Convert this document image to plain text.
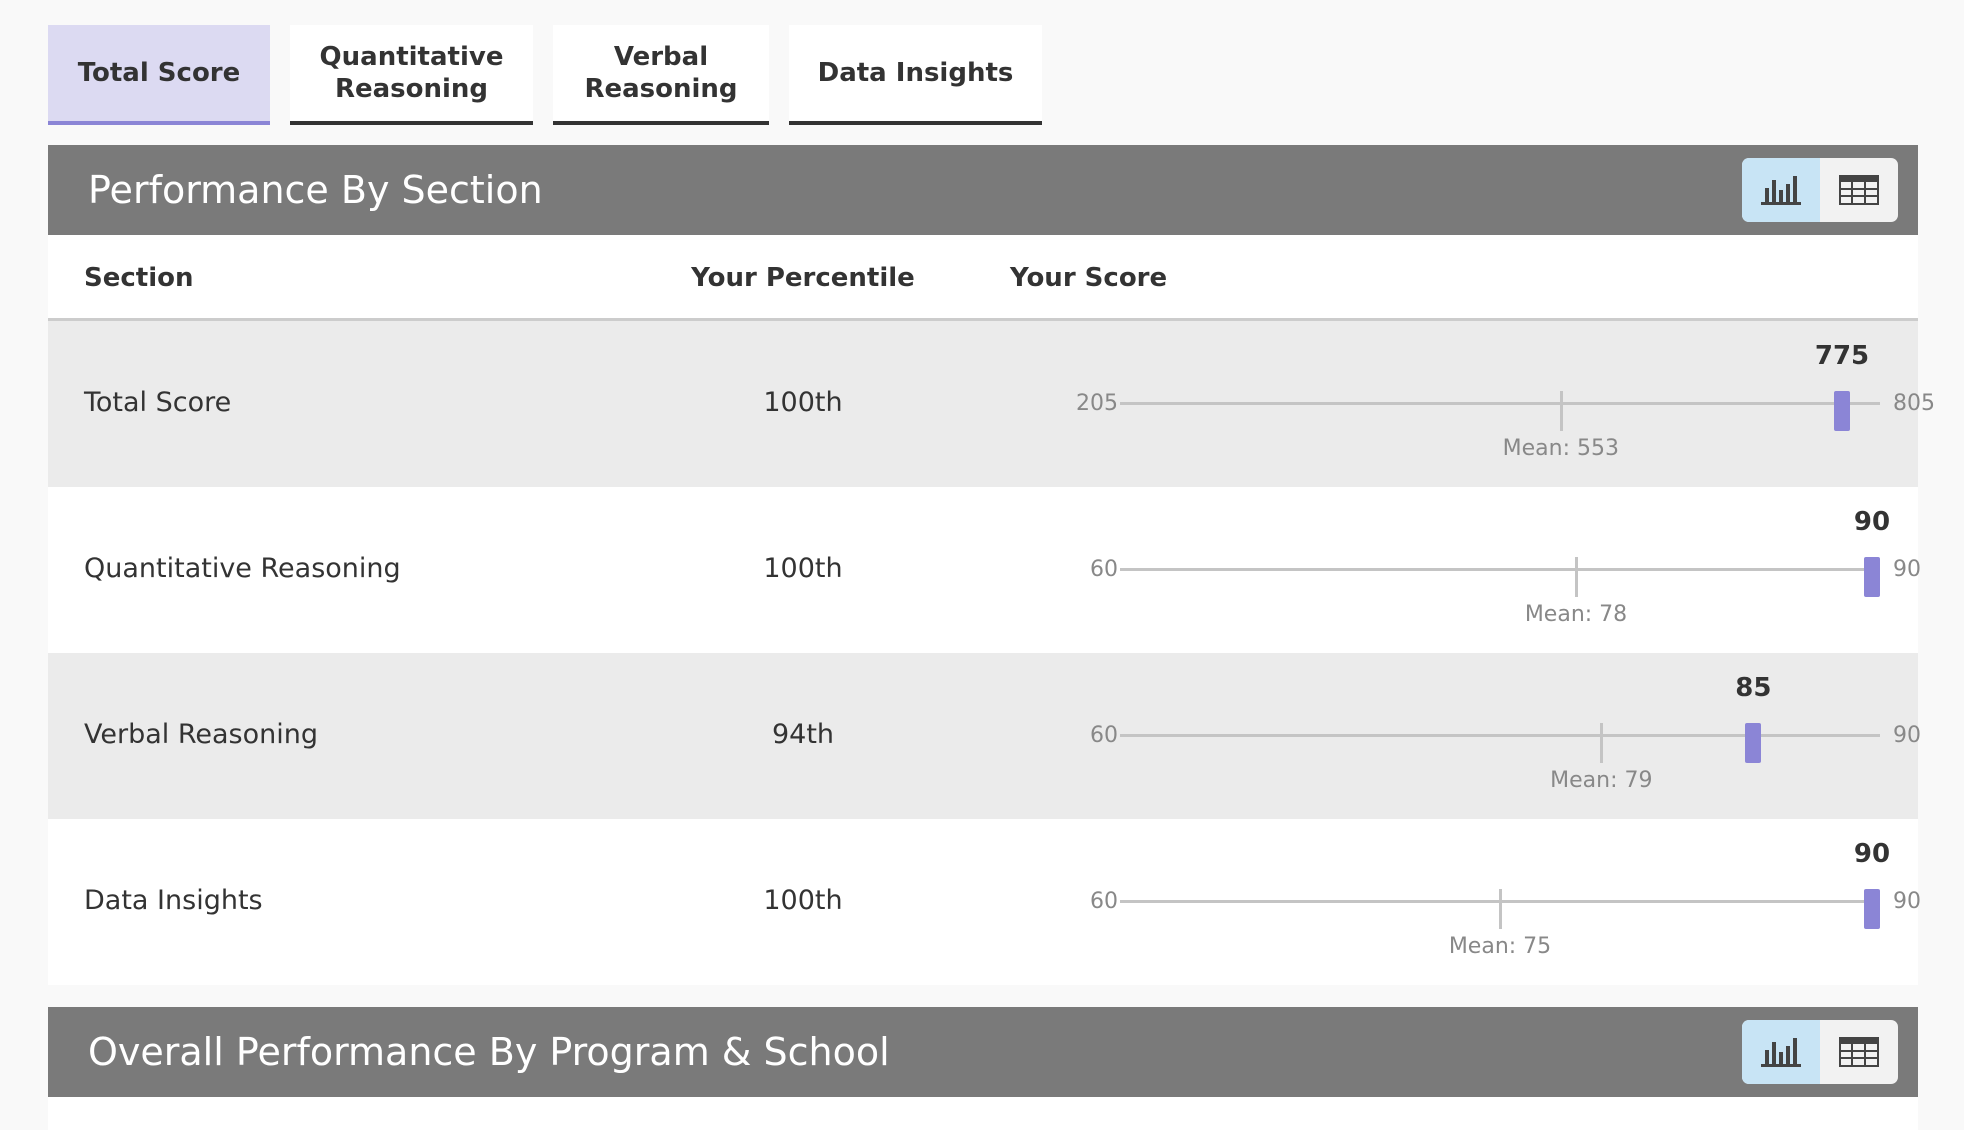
Total Score
Quantitative Reasoning
Verbal Reasoning
Data Insights
Performance By Section
Section	Your Percentile	Your Score
Total Score	100th	205
Mean: 553
775
805
Quantitative Reasoning	100th	60
Mean: 78
90
90
Verbal Reasoning	94th	60
Mean: 79
85
90
Data Insights	100th	60
Mean: 75
90
90
Overall Performance By Program & School
